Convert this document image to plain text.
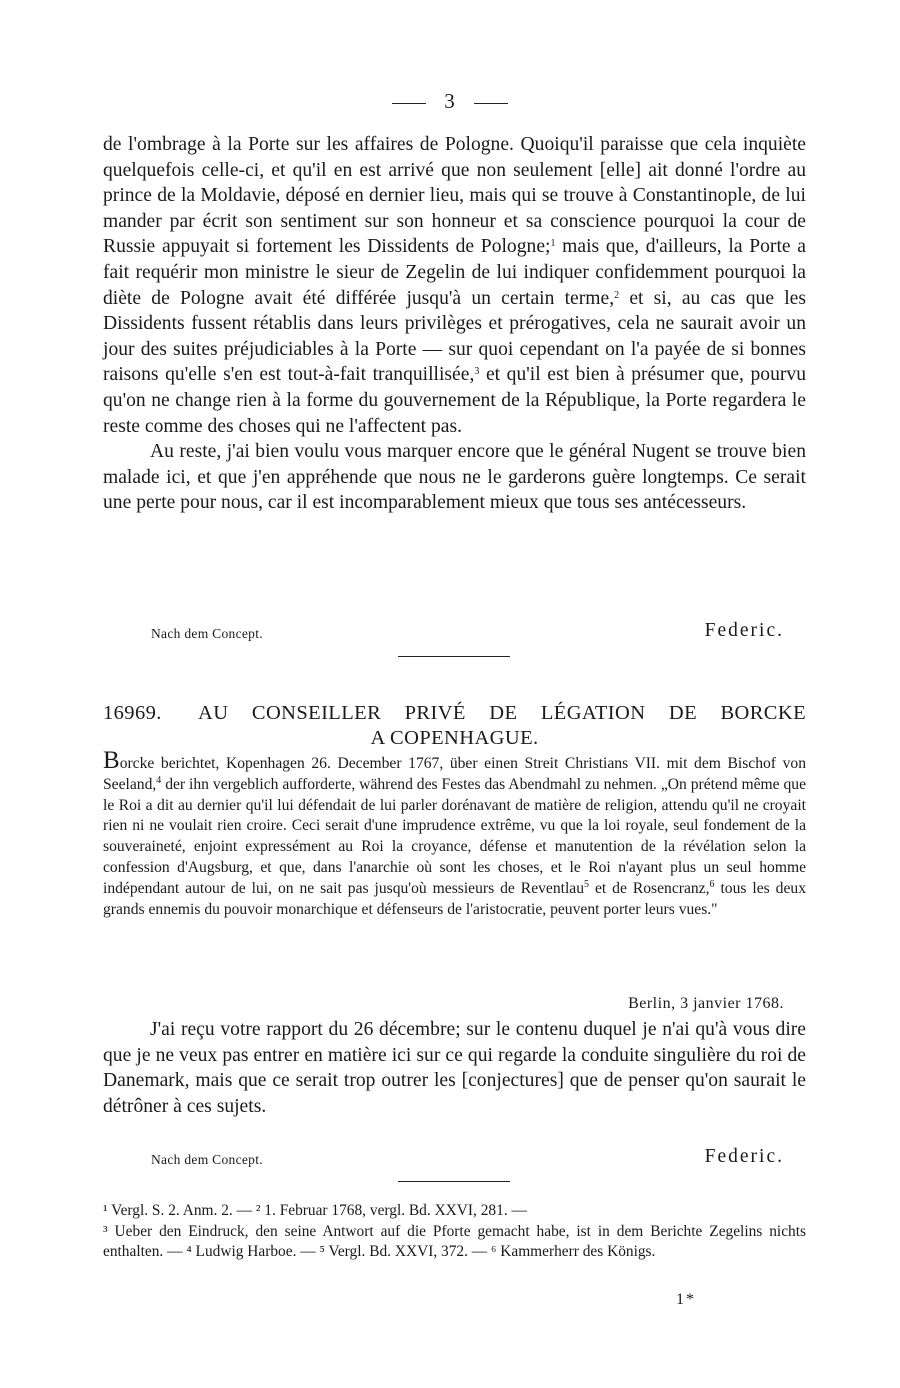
3

de l'ombrage à la Porte sur les affaires de Pologne. Quoiqu'il paraisse que cela inquiète quelquefois celle-ci, et qu'il en est arrivé que non seulement [elle] ait donné l'ordre au prince de la Moldavie, déposé en dernier lieu, mais qui se trouve à Constantinople, de lui mander par écrit son sentiment sur son honneur et sa conscience pourquoi la cour de Russie appuyait si fortement les Dissidents de Pologne;$^1$ mais que, d'ailleurs, la Porte a fait requérir mon ministre le sieur de Zegelin de lui indiquer confidemment pourquoi la diète de Pologne avait été différée jusqu'à un certain terme,$^2$ et si, au cas que les Dissidents fussent rétablis dans leurs privilèges et prérogatives, cela ne saurait avoir un jour des suites préjudiciables à la Porte — sur quoi cependant on l'a payée de si bonnes raisons qu'elle s'en est tout-à-fait tranquillisée,$^3$ et qu'il est bien à présumer que, pourvu qu'on ne change rien à la forme du gouvernement de la République, la Porte regardera le reste comme des choses qui ne l'affectent pas.

Au reste, j'ai bien voulu vous marquer encore que le général Nugent se trouve bien malade ici, et que j'en appréhende que nous ne le garderons guère longtemps. Ce serait une perte pour nous, car il est incomparablement mieux que tous ses antécesseurs.

Nach dem Concept.	Federic.
16969.	AU CONSEILLER PRIVÉ DE LÉGATION DE BORCKE
A COPENHAGUE.

Borcke berichtet, Kopenhagen 26. December 1767, über einen Streit Christians VII. mit dem Bischof von Seeland,$^4$ der ihn vergeblich aufforderte, während des Festes das Abendmahl zu nehmen. „On prétend même que le Roi a dit au dernier qu'il lui défendait de lui parler dorénavant de matière de religion, attendu qu'il ne croyait rien ni ne voulait rien croire. Ceci serait d'une imprudence extrême, vu que la loi royale, seul fondement de la souveraineté, enjoint expressément au Roi la croyance, défense et manutention de la révélation selon la confession d'Augsburg, et que, dans l'anarchie où sont les choses, et le Roi n'ayant plus un seul homme indépendant autour de lui, on ne sait pas jusqu'où messieurs de Reventlau$^5$ et de Rosencranz,$^6$ tous les deux grands ennemis du pouvoir monarchique et défenseurs de l'aristocratie, peuvent porter leurs vues."

Berlin, 3 janvier 1768.

J'ai reçu votre rapport du 26 décembre; sur le contenu duquel je n'ai qu'à vous dire que je ne veux pas entrer en matière ici sur ce qui regarde la conduite singulière du roi de Danemark, mais que ce serait trop outrer les [conjectures] que de penser qu'on saurait le détrôner à ces sujets.

Nach dem Concept.	Federic.

¹ Vergl. S. 2. Anm. 2. — ² 1. Februar 1768, vergl. Bd. XXVI, 281. —

³ Ueber den Eindruck, den seine Antwort auf die Pforte gemacht habe, ist in dem Berichte Zegelins nichts enthalten. — ⁴ Ludwig Harboe. — ⁵ Vergl. Bd. XXVI, 372. — ⁶ Kammerherr des Königs.

1*
